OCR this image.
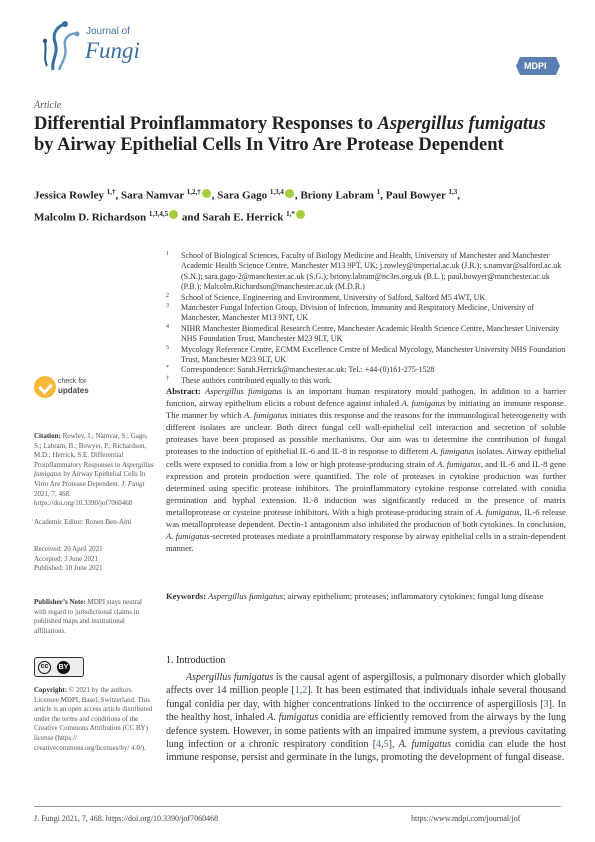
Journal of
Fungi
MDPI
Article
Differential Proinflammatory Responses to Aspergillus fumigatus by Airway Epithelial Cells In Vitro Are Protease Dependent
Jessica Rowley $^{1,\dagger}$, Sara Namvar $^{1,2,\dagger}$ , Sara Gago $^{1,3,4}$ , Briony Labram $^1$, Paul Bowyer $^{1,3}$,
Malcolm D. Richardson $^{1,3,4,5}$ and Sarah E. Herrick $^{1,*}$
1 School of Biological Sciences, Faculty of Biology Medicine and Health, University of Manchester and Manchester Academic Health Science Centre, Manchester M13 9PT, UK; j.rowley@imperial.ac.uk (J.R.); s.namvar@salford.ac.uk (S.N.); sara.gago-2@manchester.ac.uk (S.G.); briony.labram@nc3rs.org.uk (B.L.); paul.bowyer@manchester.ac.uk (P.B.); Malcolm.Richardson@manchester.ac.uk (M.D.R.)
2 School of Science, Engineering and Environment, University of Salford, Salford M5 4WT, UK
3 Manchester Fungal Infection Group, Division of Infection, Immunity and Respiratory Medicine, University of Manchester, Manchester M13 9NT, UK
4 NIHR Manchester Biomedical Research Centre, Manchester Academic Health Science Centre, Manchester University NHS Foundation Trust, Manchester M23 9LT, UK
5 Mycology Reference Centre, ECMM Excellence Centre of Medical Mycology, Manchester University NHS Foundation Trust, Manchester M23 9LT, UK
* Correspondence: Sarah.Herrick@manchester.ac.uk; Tel.: +44-(0)161-275-1528
† These authors contributed equally to this work.
check for
updates
Citation: Rowley, J.; Namvar, S.; Gago, S.; Labram, B.; Bowyer, P.; Richardson, M.D.; Herrick, S.E. Differential Proinflammatory Responses to Aspergillus fumigatus by Airway Epithelial Cells In Vitro Are Protease Dependent. J. Fungi 2021, 7, 468. https://doi.org/10.3390/jof7060468
Academic Editor: Ronen Ben-Ami
Received: 20 April 2021
Accepted: 3 June 2021
Published: 10 June 2021
Publisher’s Note: MDPI stays neutral with regard to jurisdictional claims in published maps and institutional affiliations.
cc	BY
Copyright: © 2021 by the authors. Licensee MDPI, Basel, Switzerland. This article is an open access article distributed under the terms and conditions of the Creative Commons Attribution (CC BY) license (https:// creativecommons.org/licenses/by/ 4.0/).
Abstract: Aspergillus fumigatus is an important human respiratory mould pathogen. In addition to a barrier function, airway epithelium elicits a robust defence against inhaled A. fumigatus by initiating an immune response. The manner by which A. fumigatus initiates this response and the reasons for the immunological heterogeneity with different isolates are unclear. Both direct fungal cell wall-epithelial cell interaction and secretion of soluble proteases have been proposed as possible mechanisms. Our aim was to determine the contribution of fungal proteases to the induction of epithelial IL-6 and IL-8 in response to different A. fumigatus isolates. Airway epithelial cells were exposed to conidia from a low or high protease-producing strain of A. fumigatus, and IL-6 and IL-8 gene expression and protein production were quantified. The role of proteases in cytokine production was further determined using specific protease inhibitors. The proinflammatory cytokine response correlated with conidia germination and hyphal extension. IL-8 induction was significantly reduced in the presence of matrix metalloprotease or cysteine protease inhibitors. With a high protease-producing strain of A. fumigatus, IL-6 release was metalloprotease dependent. Dectin-1 antagonism also inhibited the production of both cytokines. In conclusion, A. fumigatus-secreted proteases mediate a proinflammatory response by airway epithelial cells in a strain-dependent manner.
Keywords: Aspergillus fumigatus; airway epithelium; proteases; inflammatory cytokines; fungal lung disease
1. Introduction
Aspergillus fumigatus is the causal agent of aspergillosis, a pulmonary disorder which globally affects over 14 million people [1,2]. It has been estimated that individuals inhale several thousand fungal conidia per day, with higher concentrations linked to the occurrence of aspergillosis [3]. In the healthy host, inhaled A. fumigatus conidia are efficiently removed from the airways by the lung defence system. However, in some patients with an impaired immune system, a previous cavitating lung infection or a chronic respiratory condition [4,5], A. fumigatus conidia can elude the host immune response, persist and germinate in the lungs, promoting the development of fungal disease.
J. Fungi 2021, 7, 468. https://doi.org/10.3390/jof7060468	https://www.mdpi.com/journal/jof
